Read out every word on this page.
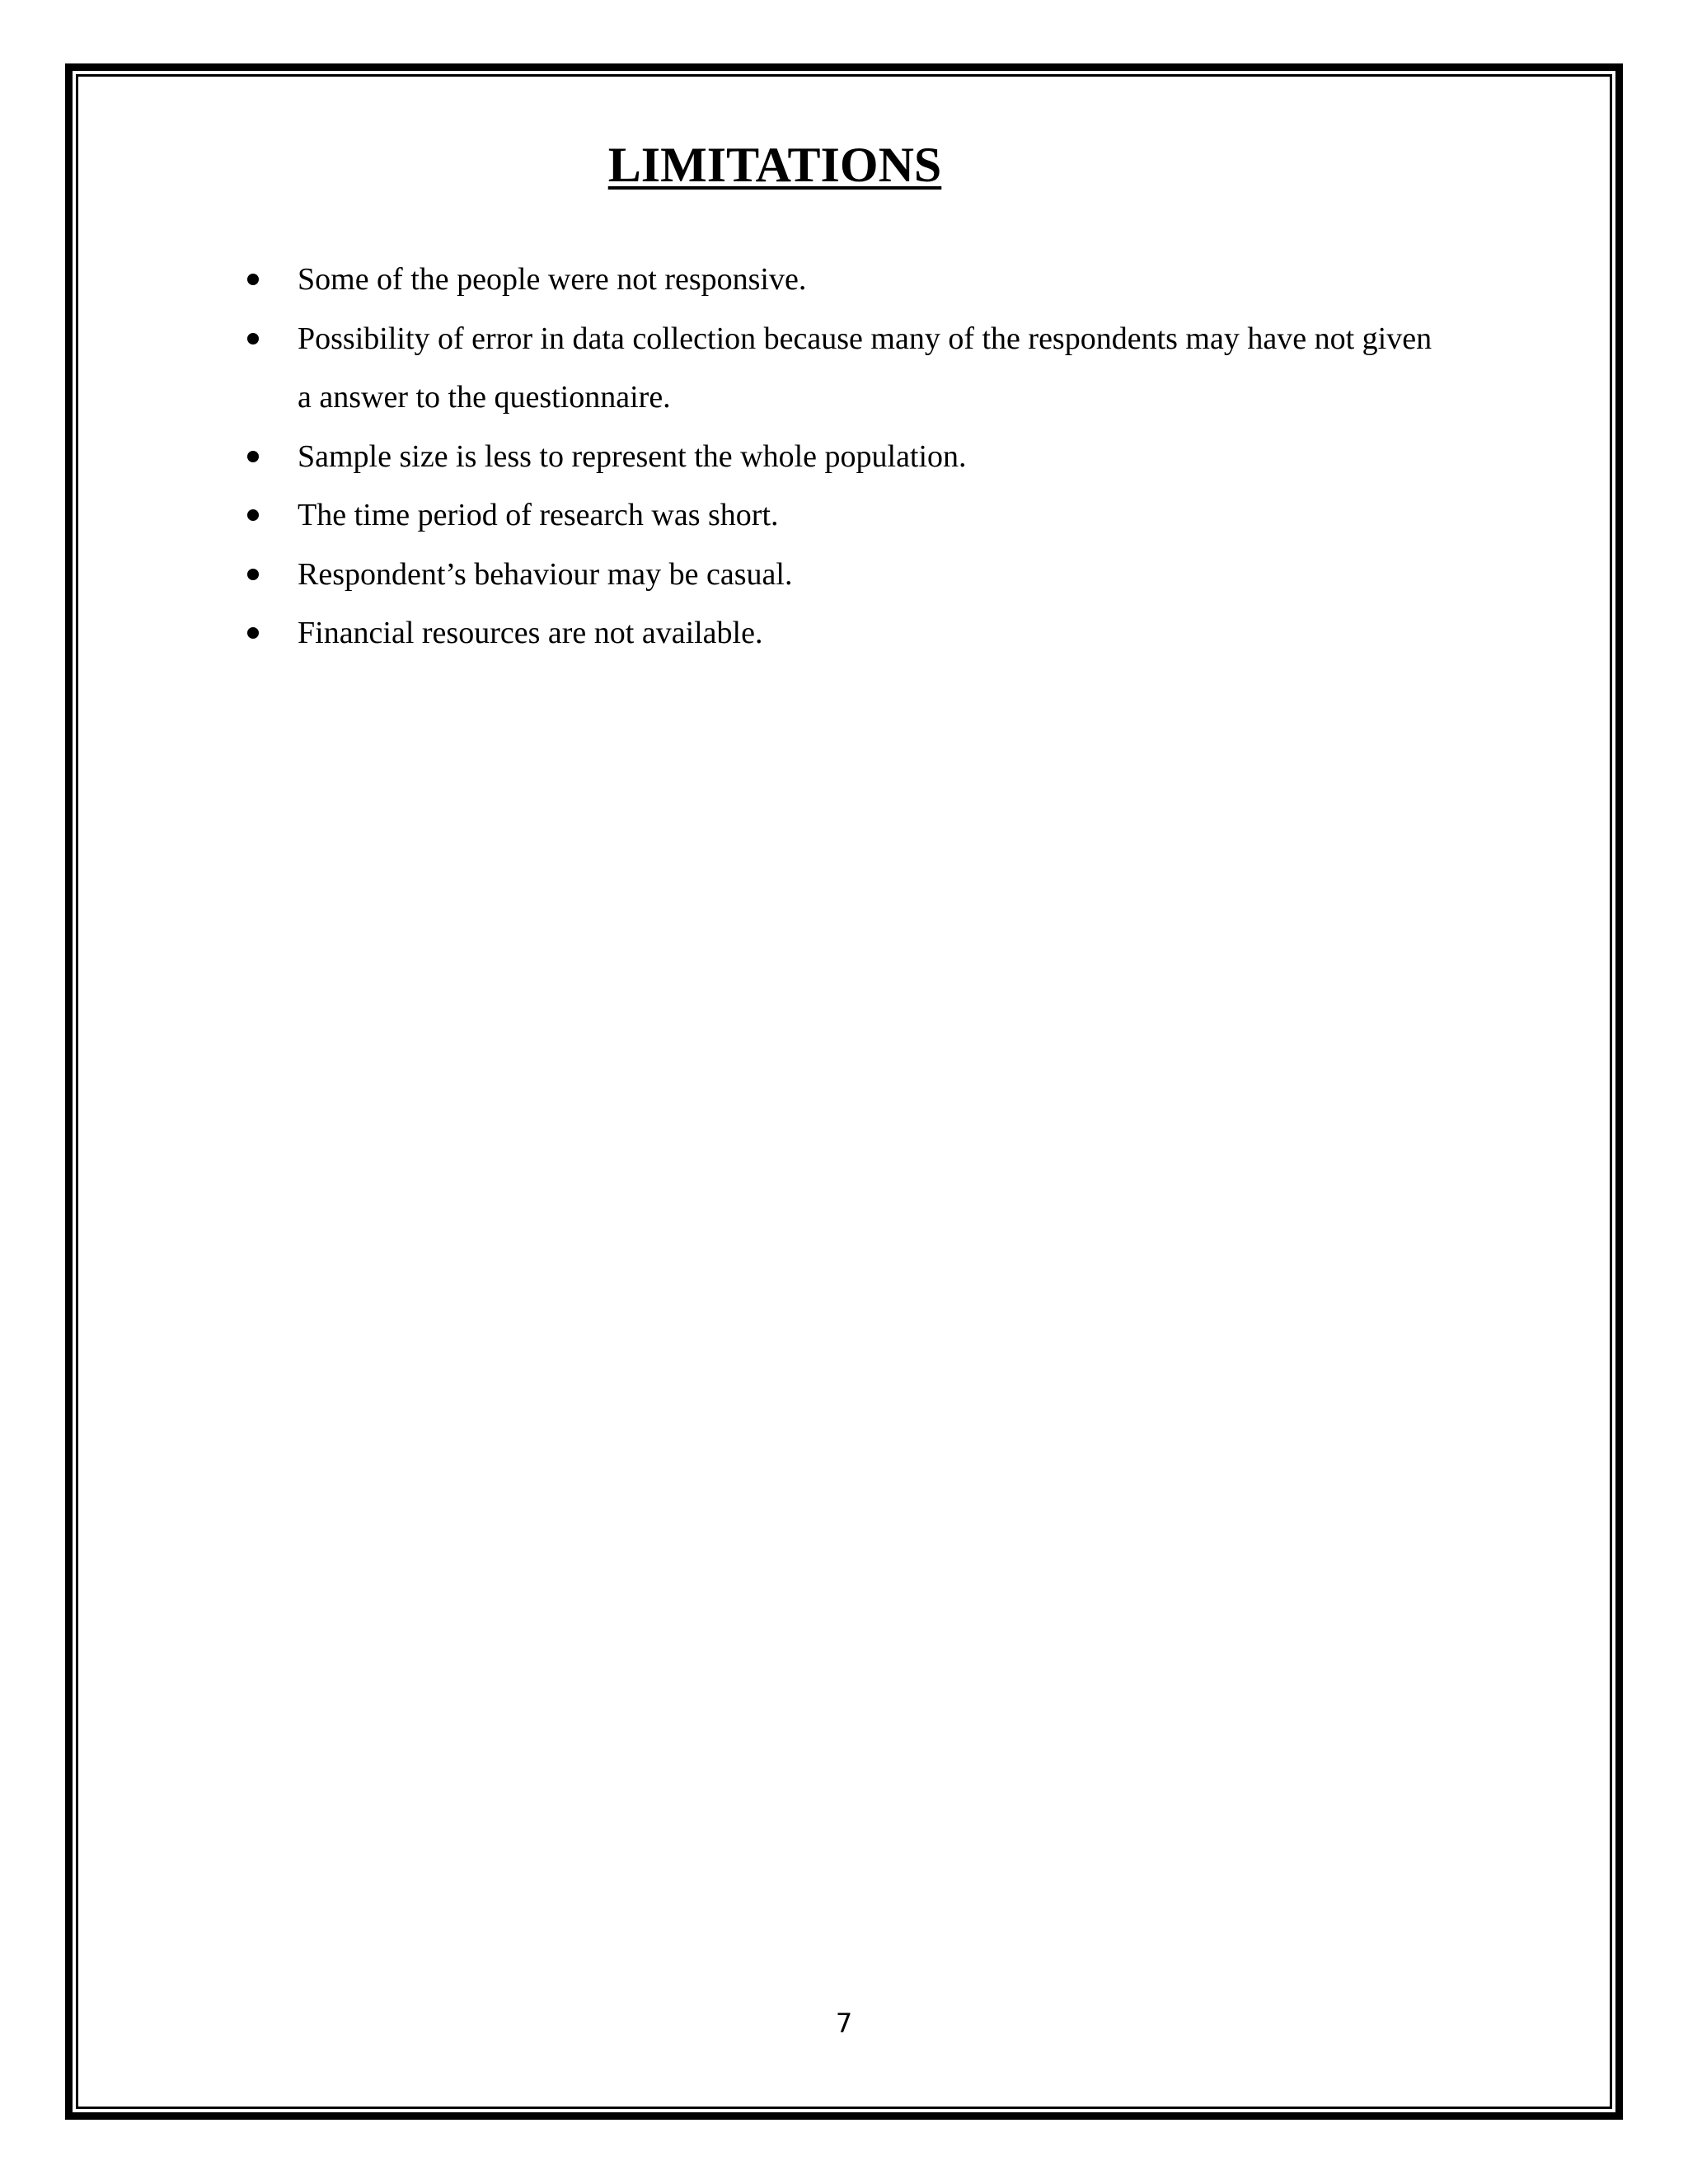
LIMITATIONS
Some of the people were not responsive.
Possibility of error in data collection because many of the respondents may have not given a answer to the questionnaire.
Sample size is less to represent the whole population.
The time period of research was short.
Respondent’s behaviour may be casual.
Financial resources are not available.
7
